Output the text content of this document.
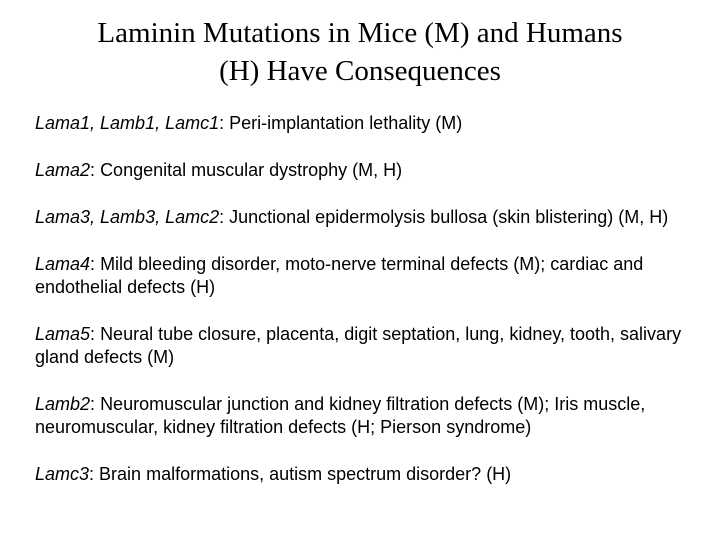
Laminin Mutations in Mice (M) and Humans
(H) Have Consequences
Lama1, Lamb1, Lamc1: Peri-implantation lethality (M)
Lama2: Congenital muscular dystrophy (M, H)
Lama3, Lamb3, Lamc2: Junctional epidermolysis bullosa (skin blistering) (M, H)
Lama4: Mild bleeding disorder, moto-nerve terminal defects (M); cardiac and endothelial defects (H)
Lama5: Neural tube closure, placenta, digit septation, lung, kidney, tooth, salivary gland defects (M)
Lamb2: Neuromuscular junction and kidney filtration defects (M); Iris muscle, neuromuscular, kidney filtration defects (H; Pierson syndrome)
Lamc3: Brain malformations, autism spectrum disorder? (H)
